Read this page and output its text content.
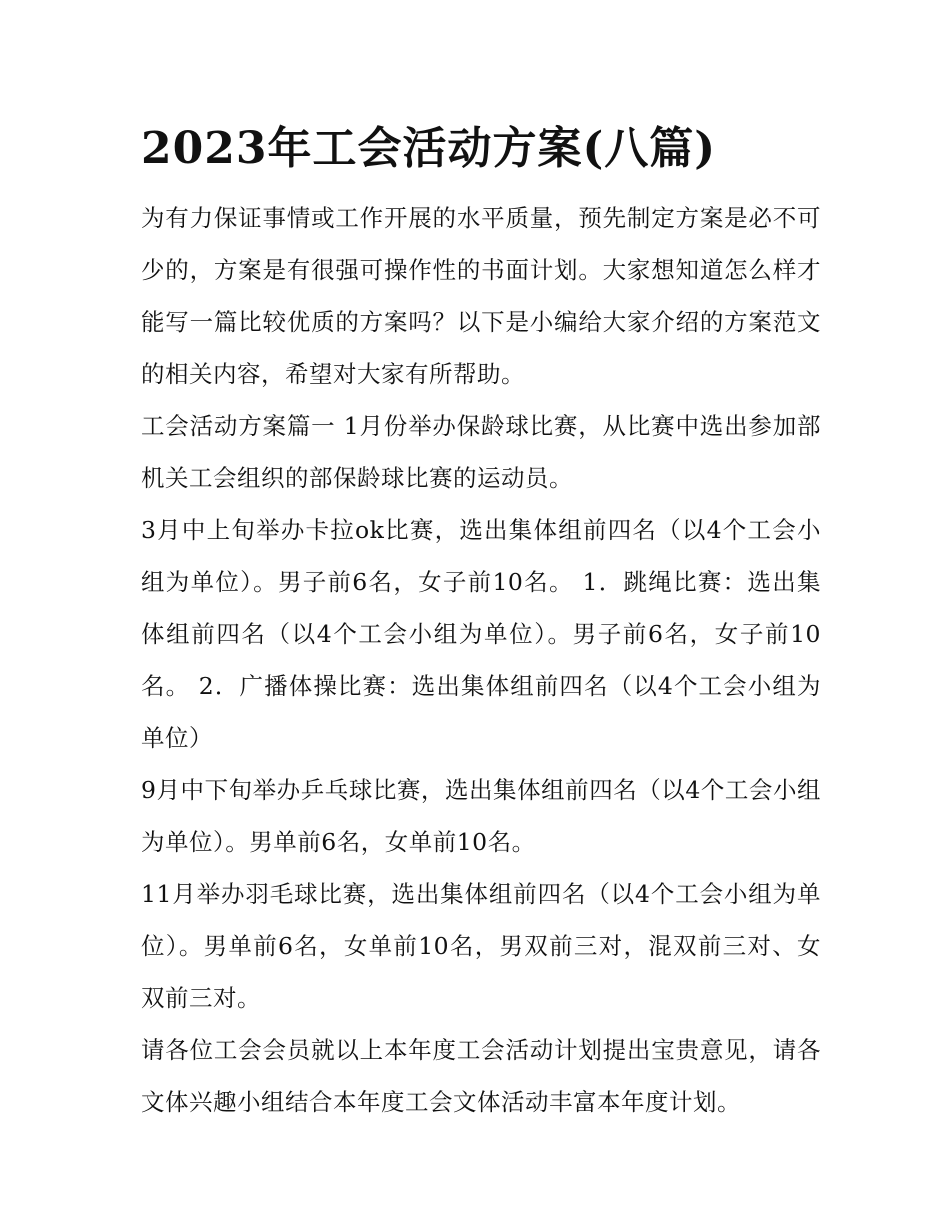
2023年工会活动方案(八篇)

为有力保证事情或工作开展的水平质量，预先制定方案是必不可少的，方案是有很强可操作性的书面计划。大家想知道怎么样才能写一篇比较优质的方案吗？以下是小编给大家介绍的方案范文的相关内容，希望对大家有所帮助。

工会活动方案篇一 1月份举办保龄球比赛，从比赛中选出参加部机关工会组织的部保龄球比赛的运动员。

3月中上旬举办卡拉ok比赛，选出集体组前四名（以4个工会小组为单位）。男子前6名，女子前10名。 1．跳绳比赛：选出集体组前四名（以4个工会小组为单位）。男子前6名，女子前10名。 2．广播体操比赛：选出集体组前四名（以4个工会小组为单位）

9月中下旬举办乒乓球比赛，选出集体组前四名（以4个工会小组为单位）。男单前6名，女单前10名。

11月举办羽毛球比赛，选出集体组前四名（以4个工会小组为单位）。男单前6名，女单前10名，男双前三对，混双前三对、女双前三对。

请各位工会会员就以上本年度工会活动计划提出宝贵意见，请各文体兴趣小组结合本年度工会文体活动丰富本年度计划。
